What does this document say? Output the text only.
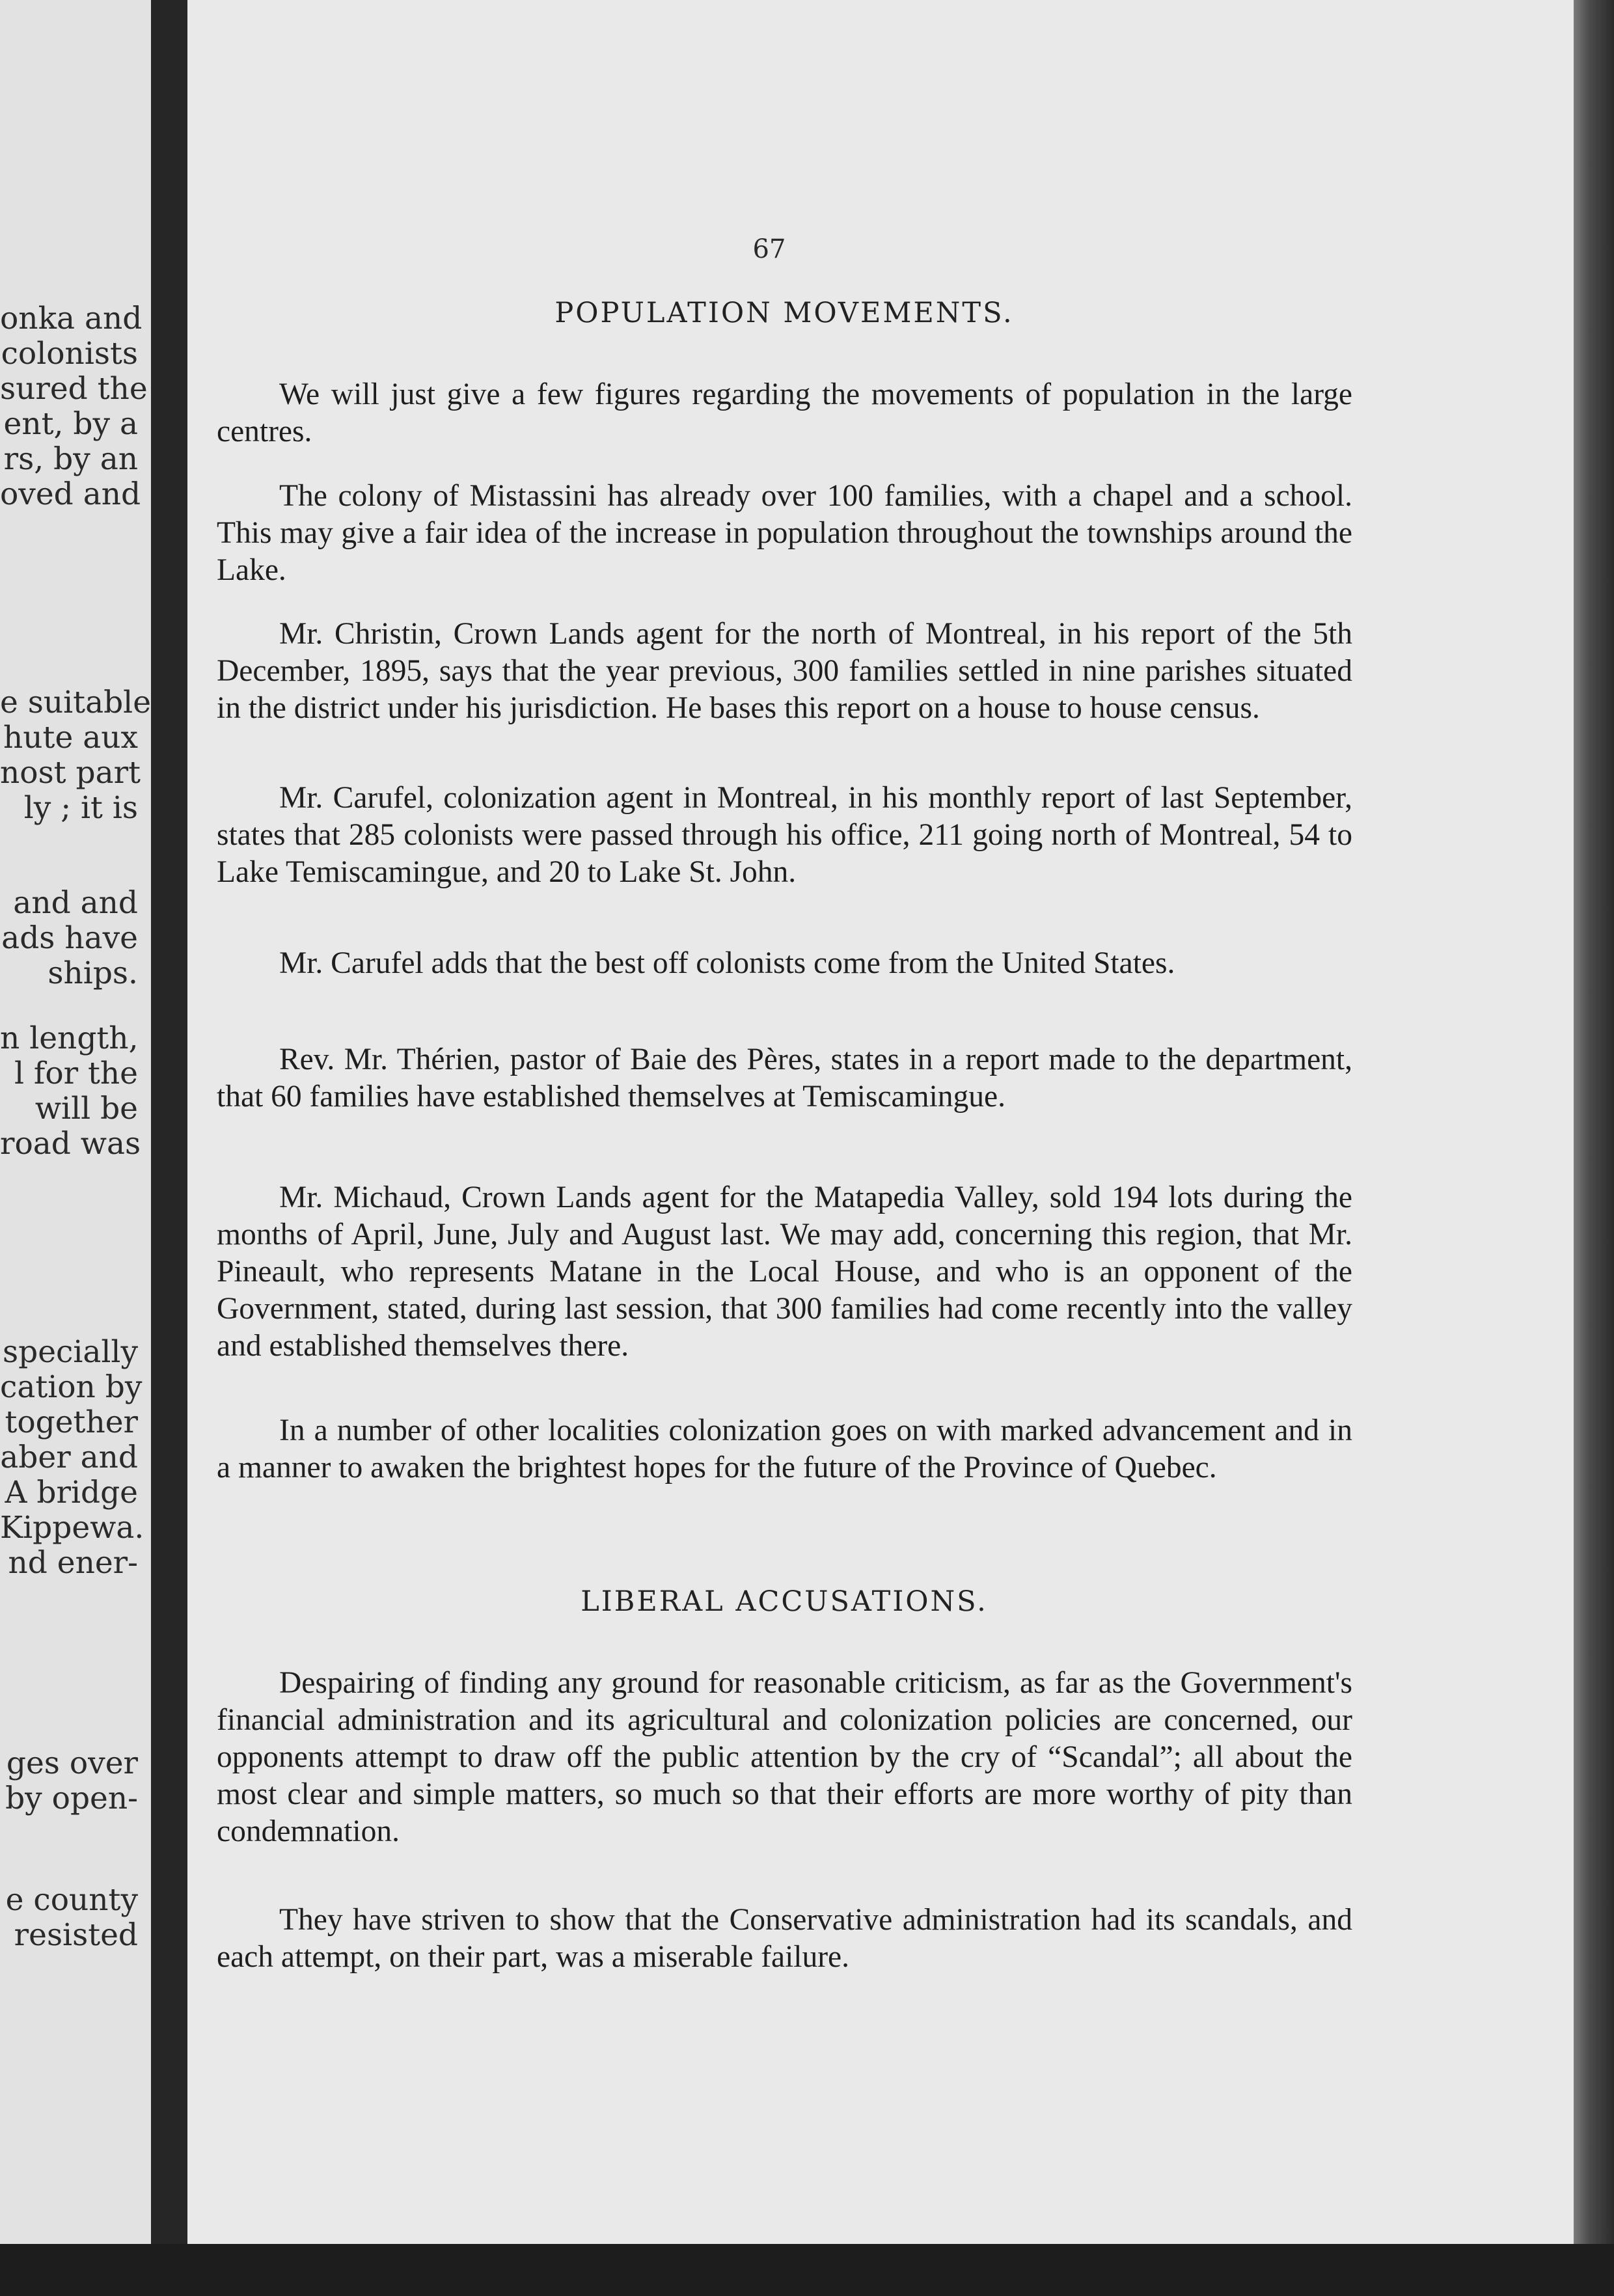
onka and
colonists
sured the
ent, by a
rs, by an
oved and
e suitable
hute aux
nost part
ly ; it is
and and
ads have
ships.
n length,
l for the
will be
road was
specially
cation by
together
aber and
A bridge
Kippewa.
nd ener-
ges over
by open-
e county
resisted
67
POPULATION MOVEMENTS.

We will just give a few figures regarding the movements of population in the large centres.

The colony of Mistassini has already over 100 families, with a chapel and a school. This may give a fair idea of the increase in population throughout the townships around the Lake.

Mr. Christin, Crown Lands agent for the north of Montreal, in his report of the 5th December, 1895, says that the year previous, 300 families settled in nine parishes situated in the district under his jurisdiction. He bases this report on a house to house census.

Mr. Carufel, colonization agent in Montreal, in his monthly report of last September, states that 285 colonists were passed through his office, 211 going north of Montreal, 54 to Lake Temiscamingue, and 20 to Lake St. John.

Mr. Carufel adds that the best off colonists come from the United States.

Rev. Mr. Thérien, pastor of Baie des Pères, states in a report made to the department, that 60 families have established themselves at Temiscamingue.

Mr. Michaud, Crown Lands agent for the Matapedia Valley, sold 194 lots during the months of April, June, July and August last. We may add, concerning this region, that Mr. Pineault, who represents Matane in the Local House, and who is an opponent of the Government, stated, during last session, that 300 families had come recently into the valley and established themselves there.

In a number of other localities colonization goes on with marked advancement and in a manner to awaken the brightest hopes for the future of the Province of Quebec.

LIBERAL ACCUSATIONS.

Despairing of finding any ground for reasonable criticism, as far as the Government's financial administration and its agricultural and colonization policies are concerned, our opponents attempt to draw off the public attention by the cry of “Scandal”; all about the most clear and simple matters, so much so that their efforts are more worthy of pity than condemnation.

They have striven to show that the Conservative administration had its scandals, and each attempt, on their part, was a miserable failure.
